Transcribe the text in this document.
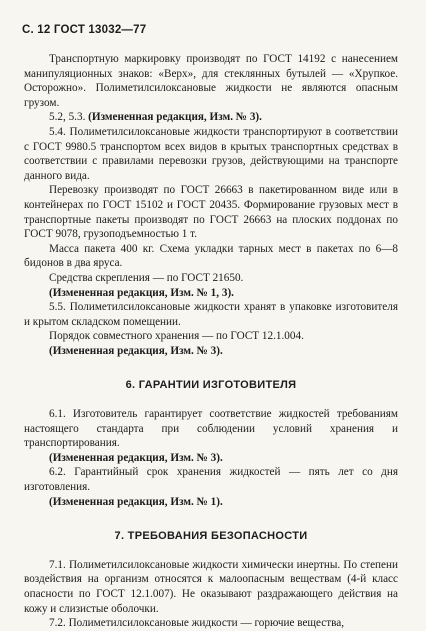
С. 12 ГОСТ 13032—77

Транспортную маркировку производят по ГОСТ 14192 с нанесением манипуляционных знаков: «Верх», для стеклянных бутылей — «Хрупкое. Осторожно». Полиметилсилоксановые жидкости не являются опасным грузом.

5.2, 5.3. (Измененная редакция, Изм. № 3).

5.4. Полиметилсилоксановые жидкости транспортируют в соответствии с ГОСТ 9980.5 транспортом всех видов в крытых транспортных средствах в соответствии с правилами перевозки грузов, действующими на транспорте данного вида.

Перевозку производят по ГОСТ 26663 в пакетированном виде или в контейнерах по ГОСТ 15102 и ГОСТ 20435. Формирование грузовых мест в транспортные пакеты производят по ГОСТ 26663 на плоских поддонах по ГОСТ 9078, грузоподъемностью 1 т.

Масса пакета 400 кг. Схема укладки тарных мест в пакетах по 6—8 бидонов в два яруса.

Средства скрепления — по ГОСТ 21650.

(Измененная редакция, Изм. № 1, 3).

5.5. Полиметилсилоксановые жидкости хранят в упаковке изготовителя и крытом складском помещении.

Порядок совместного хранения — по ГОСТ 12.1.004.

(Измененная редакция, Изм. № 3).

6. ГАРАНТИИ ИЗГОТОВИТЕЛЯ

6.1. Изготовитель гарантирует соответствие жидкостей требованиям настоящего стандарта при соблюдении условий хранения и транспортирования.

(Измененная редакция, Изм. № 3).

6.2. Гарантийный срок хранения жидкостей — пять лет со дня изготовления.

(Измененная редакция, Изм. № 1).

7. ТРЕБОВАНИЯ БЕЗОПАСНОСТИ

7.1. Полиметилсилоксановые жидкости химически инертны. По степени воздействия на организм относятся к малоопасным веществам (4-й класс опасности по ГОСТ 12.1.007). Не оказывают раздражающего действия на кожу и слизистые оболочки.

7.2. Полиметилсилоксановые жидкости — горючие вещества,
